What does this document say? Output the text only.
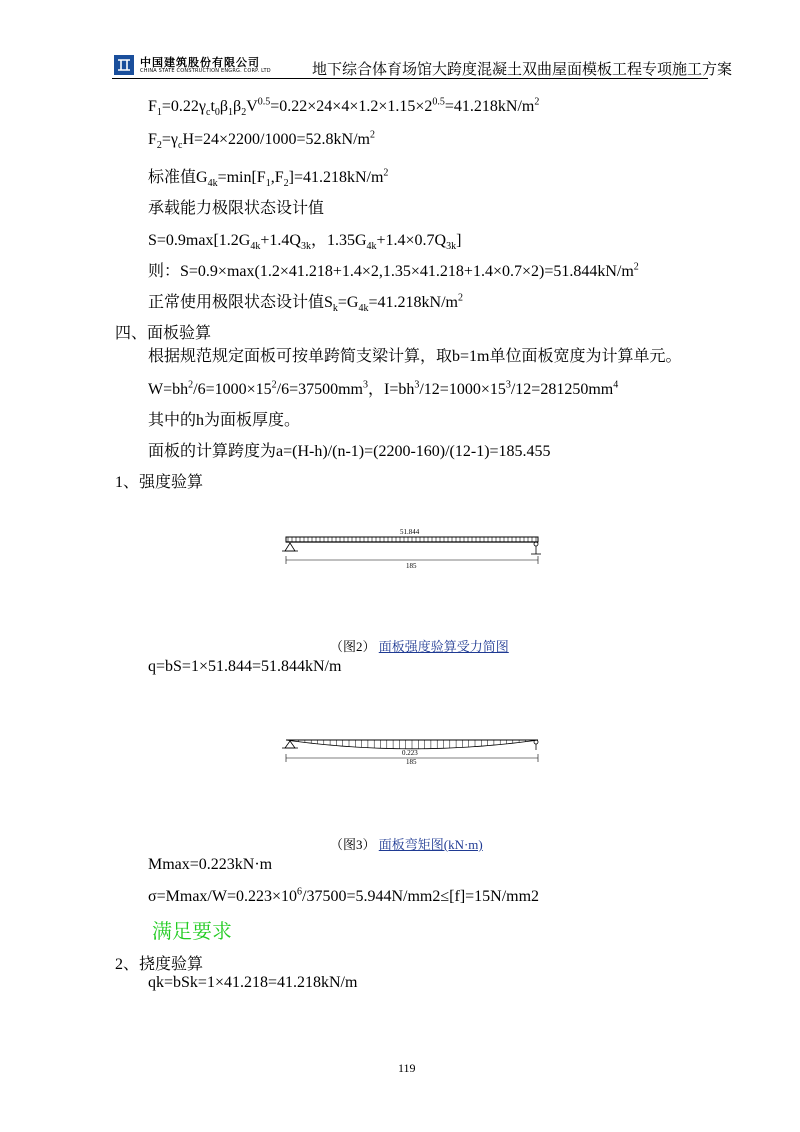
中国建筑股份有限公司
CHINA STATE CONSTRUCTION ENGRG. CORP. LTD	地下综合体育场馆大跨度混凝土双曲屋面模板工程专项施工方案
$F_1=0.22\gamma_ct_0\beta_1\beta_2V^{0.5}=0.22\times 24\times 4\times 1.2\times 1.15\times 2^{0.5}=41.218kN/m^2$
$F_2=\gamma_cH=24\times 2200/1000=52.8kN/m^2$
标准值$G_{4k}=\min[F_1,F_2]=41.218kN/m^2$
承载能力极限状态设计值
$S=0.9\max[1.2G_{4k}+1.4Q_{3k}$，$1.35G_{4k}+1.4\times 0.7Q_{3k}$]
则：$S=0.9\times\max(1.2\times 41.218+1.4\times 2,1.35\times 41.218+1.4\times 0.7\times 2)=51.844kN/m^2$
正常使用极限状态设计值$S_k=G_{4k}=41.218kN/m^2$
四、面板验算
根据规范规定面板可按单跨简支梁计算，取b=1m单位面板宽度为计算单元。
$W=bh^2/6=1000\times 15^2/6=37500mm^3$，$I=bh^3/12=1000\times 15^3/12=281250mm^4$
其中的h为面板厚度。
面板的计算跨度为a=(H-h)/(n-1)=(2200-160)/(12-1)=185.455
1、强度验算
51.844
185
（图2） 面板强度验算受力简图
q=bS=1×51.844=51.844kN/m
0.223
185
（图3） 面板弯矩图(kN·m)
Mmax=0.223kN·m
$\sigma=Mmax/W=0.223\times 10^6/37500=5.944N/mm2\le[f]=15N/mm2$
满足要求
2、挠度验算
qk=bSk=1×41.218=41.218kN/m
119
